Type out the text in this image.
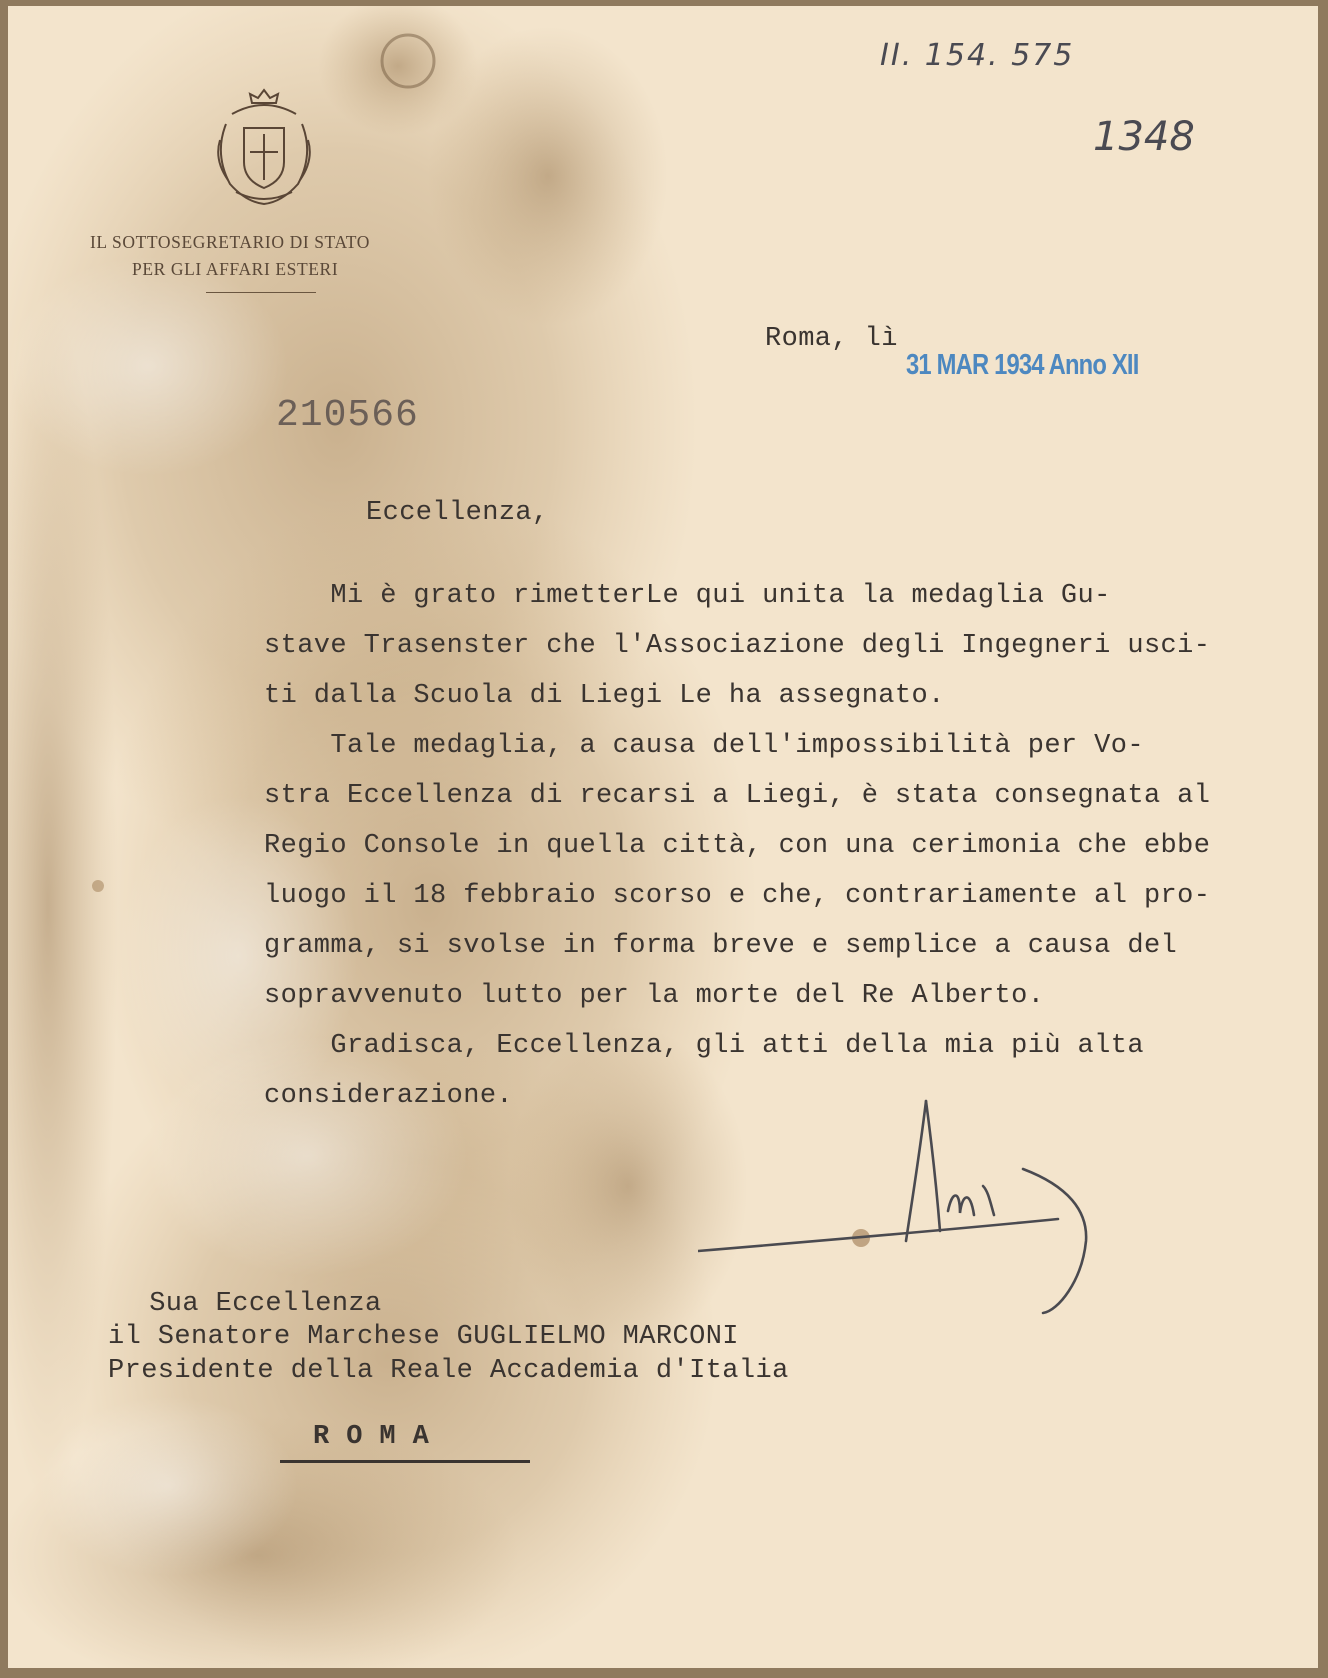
IL SOTTOSEGRETARIO DI STATO
PER GLI AFFARI ESTERI
II. 154. 575
1348
Roma, lì
31 MAR 1934 Anno XII
210566
Eccellenza,
Mi è grato rimetterLe qui unita la medaglia Gu-
stave Trasenster che l'Associazione degli Ingegneri usci-
ti dalla Scuola di Liegi Le ha assegnato.
Tale medaglia, a causa dell'impossibilità per Vo-
stra Eccellenza di recarsi a Liegi, è stata consegnata al
Regio Console in quella città, con una cerimonia che ebbe
luogo il 18 febbraio scorso e che, contrariamente al pro-
gramma, si svolse in forma breve e semplice a causa del
sopravvenuto lutto per la morte del Re Alberto.
Gradisca, Eccellenza, gli atti della mia più alta
considerazione.
Sua Eccellenza
il Senatore Marchese GUGLIELMO MARCONI
Presidente della Reale Accademia d'Italia
R O M A
